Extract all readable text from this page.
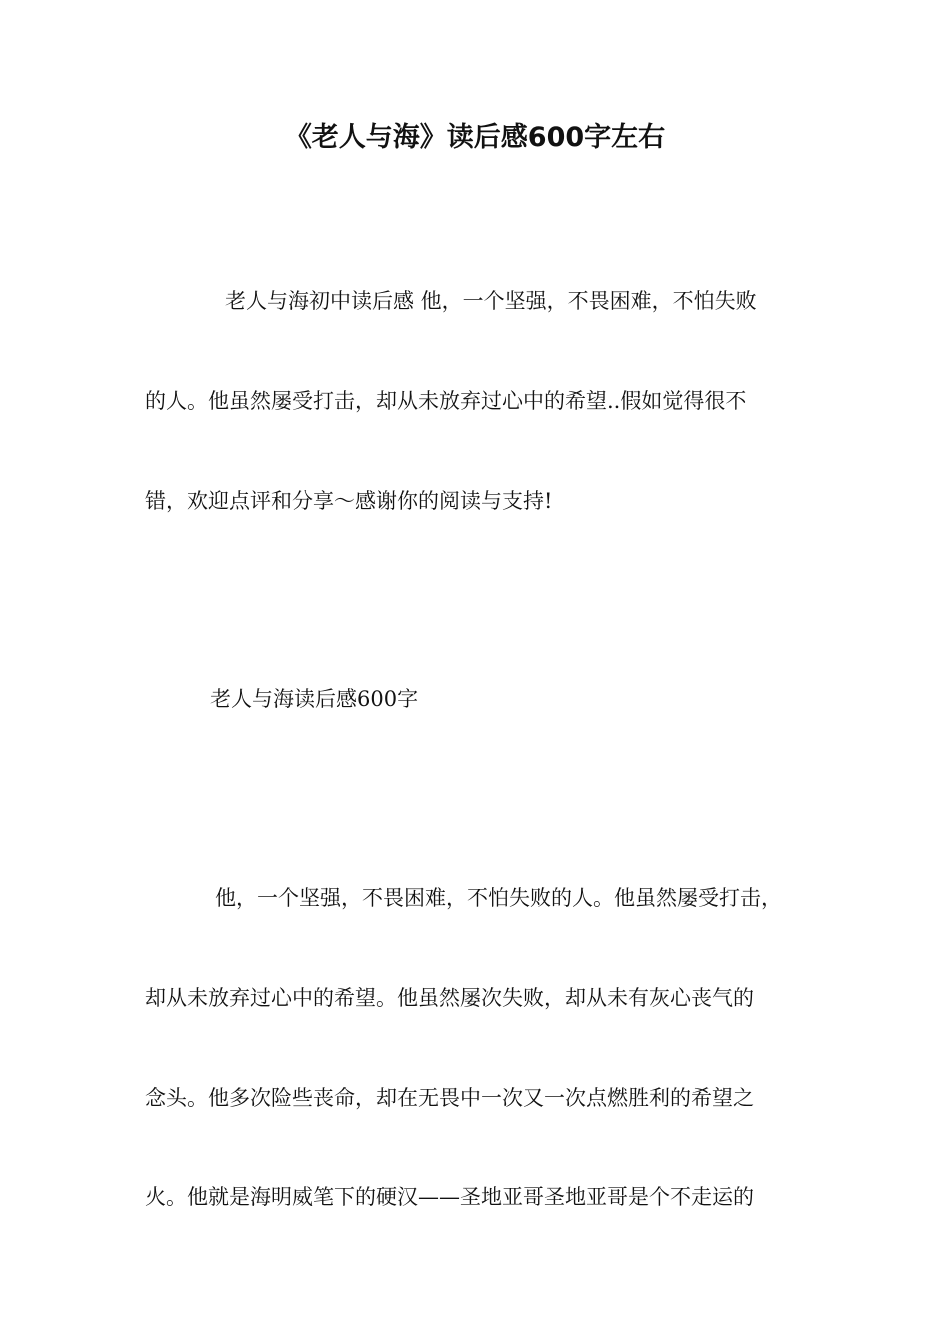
《老人与海》读后感600字左右

老人与海初中读后感 他，一个坚强，不畏困难，不怕失败

的人。他虽然屡受打击，却从未放弃过心中的希望..假如觉得很不

错，欢迎点评和分享～感谢你的阅读与支持!

老人与海读后感600字

他，一个坚强，不畏困难，不怕失败的人。他虽然屡受打击，

却从未放弃过心中的希望。他虽然屡次失败，却从未有灰心丧气的

念头。他多次险些丧命，却在无畏中一次又一次点燃胜利的希望之

火。他就是海明威笔下的硬汉——圣地亚哥圣地亚哥是个不走运的
